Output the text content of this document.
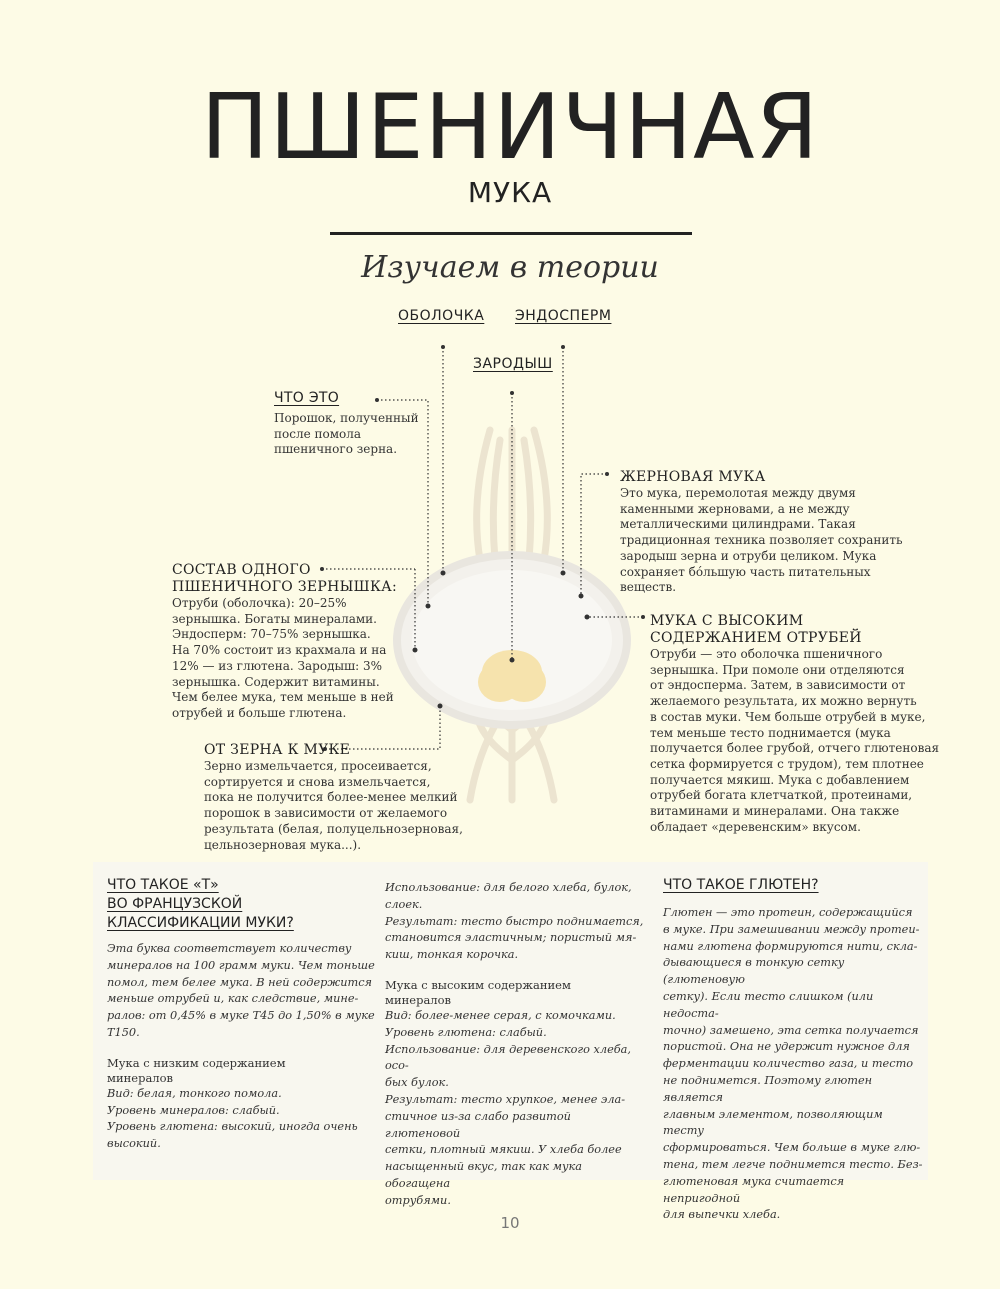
ПШЕНИЧНАЯ
МУКА
Изучаем в теории
ОБОЛОЧКА ЭНДОСПЕРМ
ЗАРОДЫШ
ЧТО ЭТО
Порошок, полученный
после помола
пшеничного зерна.
СОСТАВ ОДНОГО
ПШЕНИЧНОГО ЗЕРНЫШКА:
Отруби (оболочка): 20–25%
зернышка. Богаты минералами.
Эндосперм: 70–75% зернышка.
На 70% состоит из крахмала и на
12% — из глютена. Зародыш: 3%
зернышка. Содержит витамины.
Чем белее мука, тем меньше в ней
отрубей и больше глютена.
ОТ ЗЕРНА К МУКЕ
Зерно измельчается, просеивается,
сортируется и снова измельчается,
пока не получится более-менее мелкий
порошок в зависимости от желаемого
результата (белая, полуцельнозерновая,
цельнозерновая мука...).
ЖЕРНОВАЯ МУКА
Это мука, перемолотая между двумя
каменными жерновами, а не между
металлическими цилиндрами. Такая
традиционная техника позволяет сохранить
зародыш зерна и отруби целиком. Мука
сохраняет бóльшую часть питательных
веществ.
МУКА С ВЫСОКИМ
СОДЕРЖАНИЕМ ОТРУБЕЙ
Отруби — это оболочка пшеничного
зернышка. При помоле они отделяются
от эндосперма. Затем, в зависимости от
желаемого результата, их можно вернуть
в состав муки. Чем больше отрубей в муке,
тем меньше тесто поднимается (мука
получается более грубой, отчего глютеновая
сетка формируется с трудом), тем плотнее
получается мякиш. Мука с добавлением
отрубей богата клетчаткой, протеинами,
витаминами и минералами. Она также
обладает «деревенским» вкусом.
ЧТО ТАКОЕ «Т»
ВО ФРАНЦУЗСКОЙ
КЛАССИФИКАЦИИ МУКИ?
Эта буква соответствует количеству
минералов на 100 грамм муки. Чем тоньше
помол, тем белее мука. В ней содержится
меньше отрубей и, как следствие, мине-
ралов: от 0,45% в муке Т45 до 1,50% в муке
Т150.
Мука с низким содержанием
минералов
Вид: белая, тонкого помола.
Уровень минералов: слабый.
Уровень глютена: высокий, иногда очень
высокий.
Использование: для белого хлеба, булок,
слоек.
Результат: тесто быстро поднимается,
становится эластичным; пористый мя-
киш, тонкая корочка.
Мука с высоким содержанием
минералов
Вид: более-менее серая, с комочками.
Уровень глютена: слабый.
Использование: для деревенского хлеба, осо-
бых булок.
Результат: тесто хрупкое, менее эла-
стичное из-за слабо развитой глютеновой
сетки, плотный мякиш. У хлеба более
насыщенный вкус, так как мука обогащена
отрубями.
ЧТО ТАКОЕ ГЛЮТЕН?
Глютен — это протеин, содержащийся
в муке. При замешивании между протеи-
нами глютена формируются нити, скла-
дывающиеся в тонкую сетку (глютеновую
сетку). Если тесто слишком (или недоста-
точно) замешено, эта сетка получается
пористой. Она не удержит нужное для
ферментации количество газа, и тесто
не поднимется. Поэтому глютен является
главным элементом, позволяющим тесту
сформироваться. Чем больше в муке глю-
тена, тем легче поднимется тесто. Без-
глютеновая мука считается непригодной
для выпечки хлеба.
10
